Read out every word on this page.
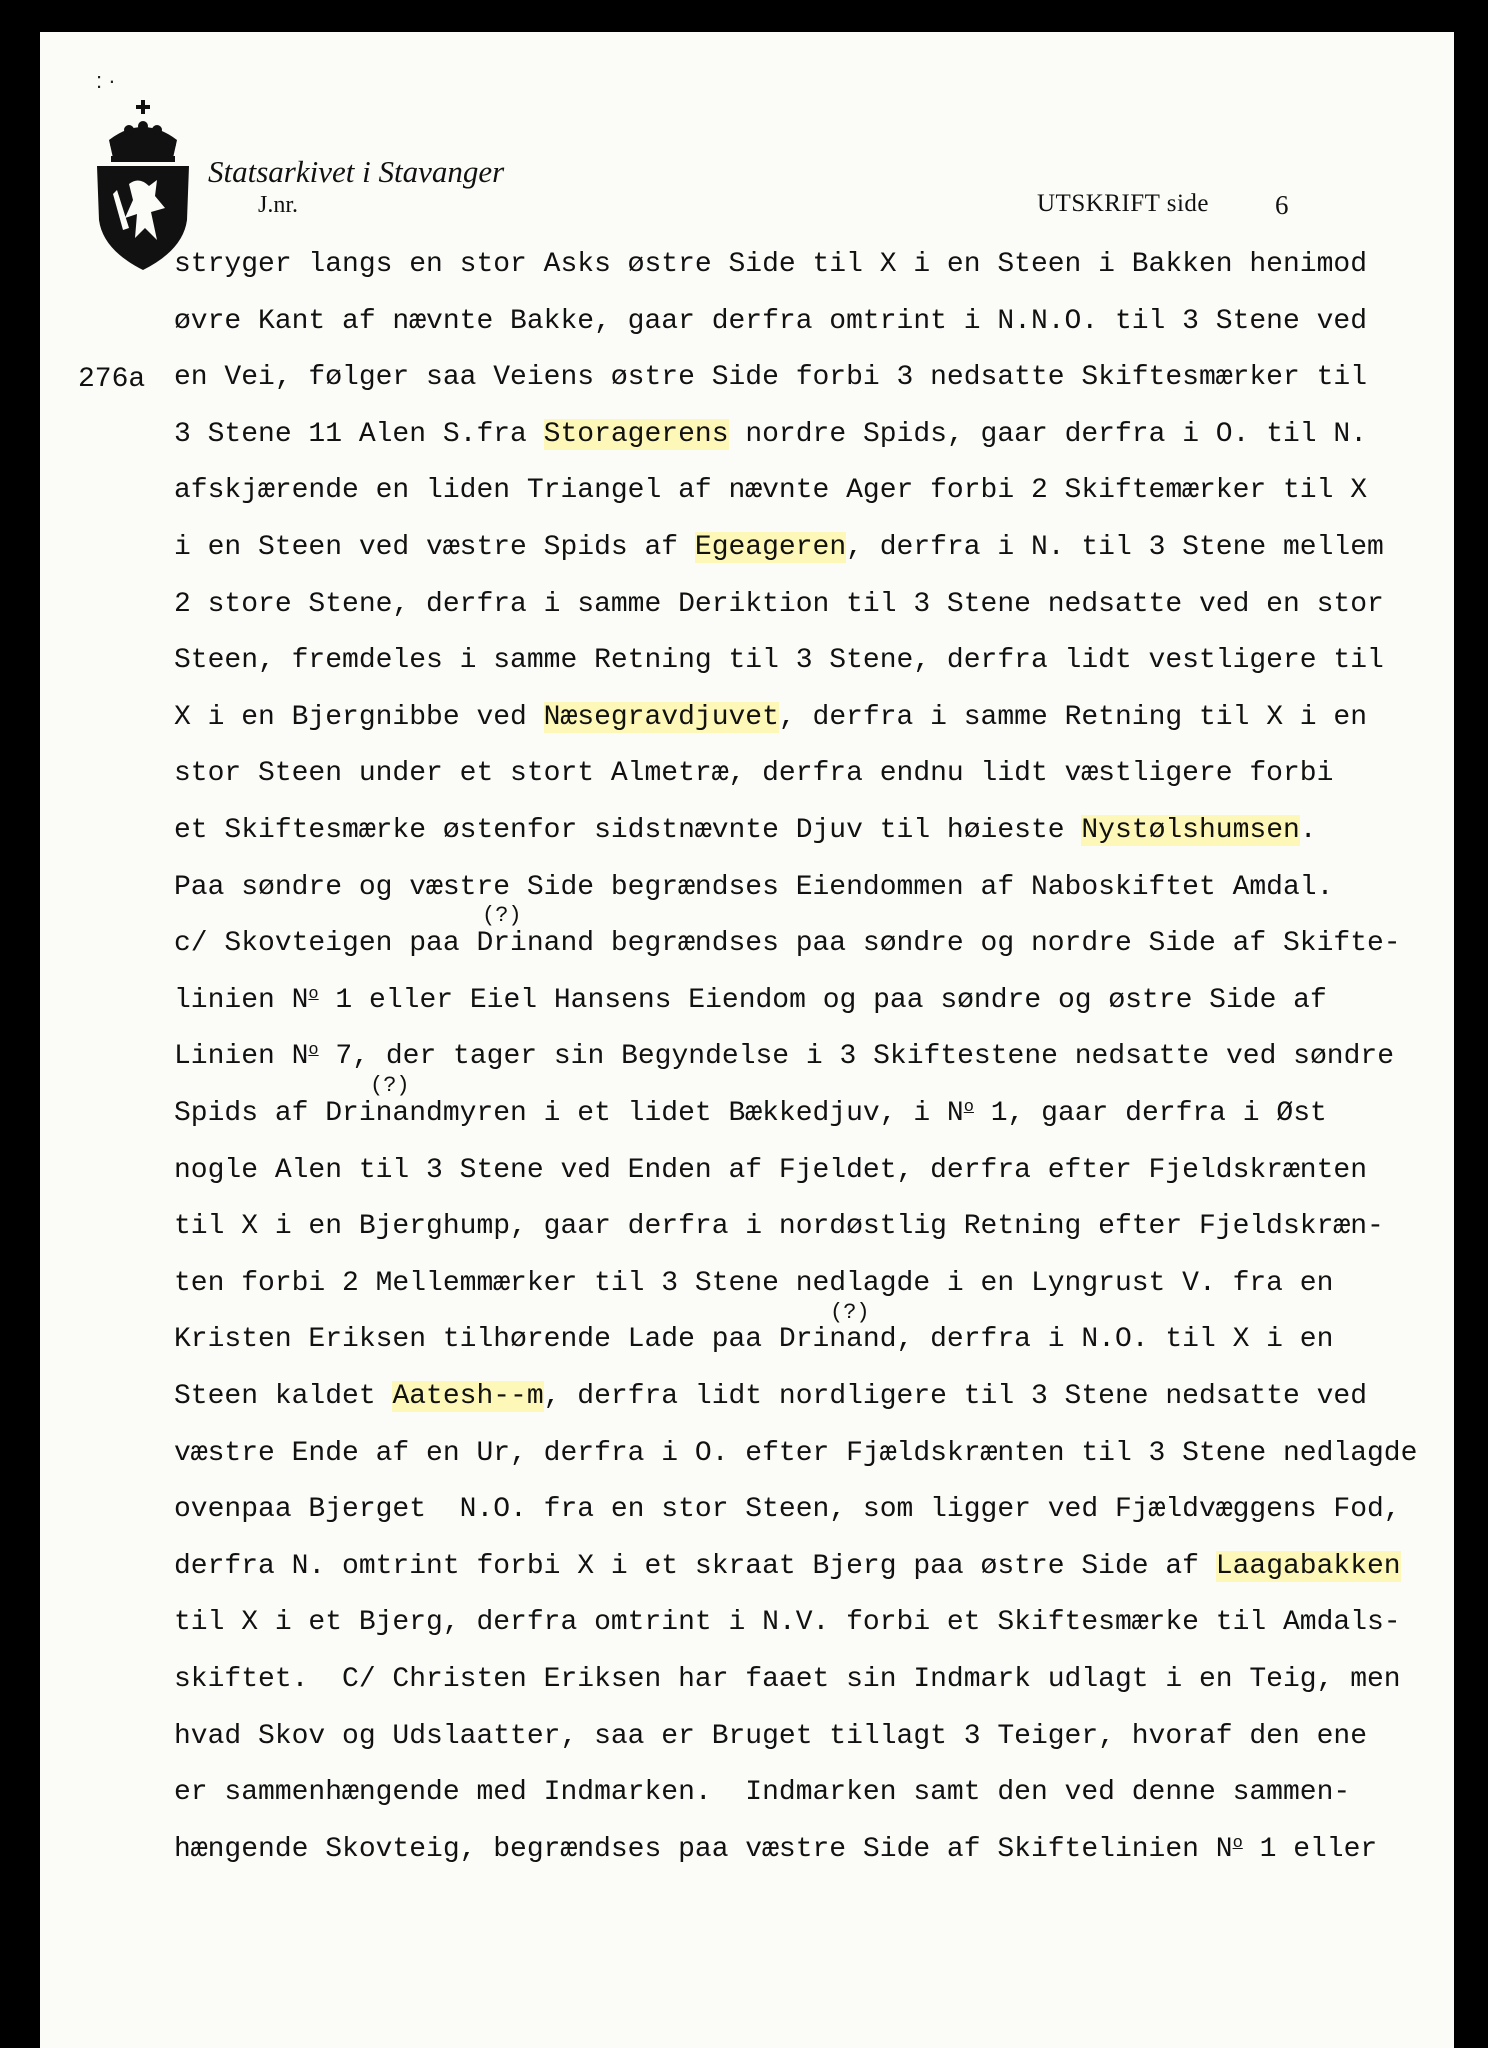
: ·
Statsarkivet i Stavanger
J.nr.	UTSKRIFT side 6
276a
stryger langs en stor Asks østre Side til X i en Steen i Bakken henimod
øvre Kant af nævnte Bakke, gaar derfra omtrint i N.N.O. til 3 Stene ved
en Vei, følger saa Veiens østre Side forbi 3 nedsatte Skiftesmærker til
3 Stene 11 Alen S.fra Storagerens nordre Spids, gaar derfra i O. til N.
afskjærende en liden Triangel af nævnte Ager forbi 2 Skiftemærker til X
i en Steen ved væstre Spids af Egeageren, derfra i N. til 3 Stene mellem
2 store Stene, derfra i samme Deriktion til 3 Stene nedsatte ved en stor
Steen, fremdeles i samme Retning til 3 Stene, derfra lidt vestligere til
X i en Bjergnibbe ved Næsegravdjuvet, derfra i samme Retning til X i en
stor Steen under et stort Almetræ, derfra endnu lidt væstligere forbi
et Skiftesmærke østenfor sidstnævnte Djuv til høieste Nystølshumsen.
Paa søndre og væstre Side begrændses Eiendommen af Naboskiftet Amdal.
c/ Skovteigen paa Drinand begrændses paa søndre og nordre Side af Skifte-
linien $N^o$ 1 eller Eiel Hansens Eiendom og paa søndre og østre Side af
Linien $N^o$ 7, der tager sin Begyndelse i 3 Skiftestene nedsatte ved søndre
Spids af Drinandmyren i et lidet Bækkedjuv, i $N^o$ 1, gaar derfra i Øst
nogle Alen til 3 Stene ved Enden af Fjeldet, derfra efter Fjeldskrænten
til X i en Bjerghump, gaar derfra i nordøstlig Retning efter Fjeldskræn-
ten forbi 2 Mellemmærker til 3 Stene nedlagde i en Lyngrust V. fra en
Kristen Eriksen tilhørende Lade paa Drinand, derfra i N.O. til X i en
Steen kaldet Aatesh--m, derfra lidt nordligere til 3 Stene nedsatte ved
væstre Ende af en Ur, derfra i O. efter Fjældskrænten til 3 Stene nedlagde
ovenpaa Bjerget  N.O. fra en stor Steen, som ligger ved Fjældvæggens Fod,
derfra N. omtrint forbi X i et skraat Bjerg paa østre Side af Laagabakken
til X i et Bjerg, derfra omtrint i N.V. forbi et Skiftesmærke til Amdals-
skiftet.  C/ Christen Eriksen har faaet sin Indmark udlagt i en Teig, men
hvad Skov og Udslaatter, saa er Bruget tillagt 3 Teiger, hvoraf den ene
er sammenhængende med Indmarken.  Indmarken samt den ved denne sammen-
hængende Skovteig, begrændses paa væstre Side af Skiftelinien $N^o$ 1 eller
(?)
(?)
(?)
